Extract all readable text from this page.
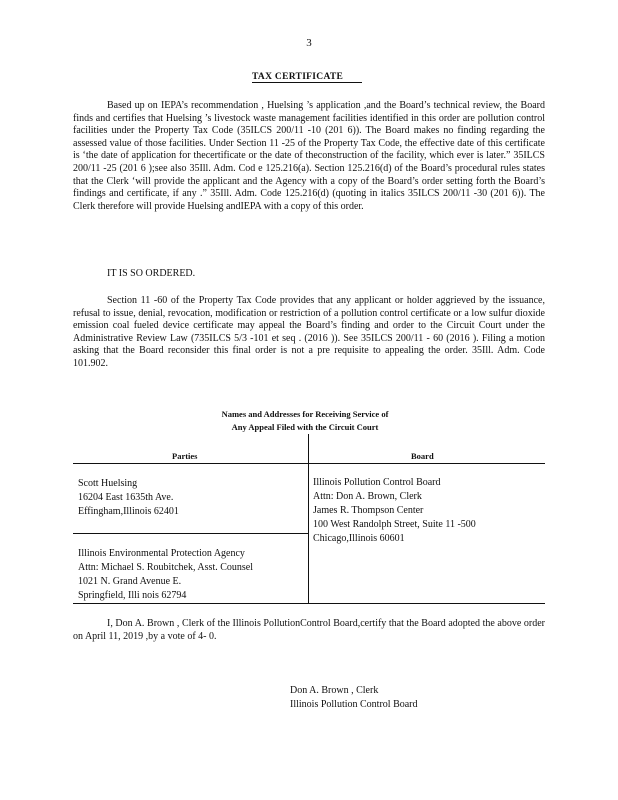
3
TAX CERTIFICATE

Based up on IEPA’s recommendation , Huelsing ’s application ,and the Board’s technical review, the Board finds and certifies that Huelsing ’s livestock waste management facilities identified in this order are pollution control facilities under the Property Tax Code (35ILCS 200/11 -10 (201 6)). The Board makes no finding regarding the assessed value of those facilities. Under Section 11 -25 of the Property Tax Code, the effective date of this certificate is ‘the date of application for thecertificate or the date of theconstruction of the facility, which ever is later.” 35ILCS 200/11 -25 (201 6 );see also 35Ill. Adm. Cod e 125.216(a). Section 125.216(d) of the Board’s procedural rules states that the Clerk ‘will provide the applicant and the Agency with a copy of the Board’s order setting forth the Board’s findings and certificate, if any .” 35Ill. Adm. Code 125.216(d) (quoting in italics 35ILCS 200/11 -30 (201 6)). The Clerk therefore will provide Huelsing andIEPA with a copy of this order.

IT IS SO ORDERED.

Section 11 -60 of the Property Tax Code provides that any applicant or holder aggrieved by the issuance, refusal to issue, denial, revocation, modification or restriction of a pollution control certificate or a low sulfur dioxide emission coal fueled device certificate may appeal the Board’s finding and order to the Circuit Court under the Administrative Review Law (735ILCS 5/3 -101 et seq . (2016 )). See 35ILCS 200/11 - 60 (2016 ). Filing a motion asking that the Board reconsider this final order is not a pre requisite to appealing the order. 35Ill. Adm. Code 101.902.

Names and Addresses for Receiving Service of
Any Appeal Filed with the Circuit Court
Parties	Board
Scott Huelsing
16204 East 1635th Ave.
Effingham,Illinois 62401
Illinois Environmental Protection Agency
Attn: Michael S. Roubitchek, Asst. Counsel
1021 N. Grand Avenue E.
Springfield, Illi nois 62794
Illinois Pollution Control Board
Attn: Don A. Brown, Clerk
James R. Thompson Center
100 West Randolph Street, Suite 11 -500
Chicago,Illinois 60601

I, Don A. Brown , Clerk of the Illinois PollutionControl Board,certify that the Board adopted the above order on April 11, 2019 ,by a vote of 4- 0.

Don A. Brown , Clerk
Illinois Pollution Control Board
